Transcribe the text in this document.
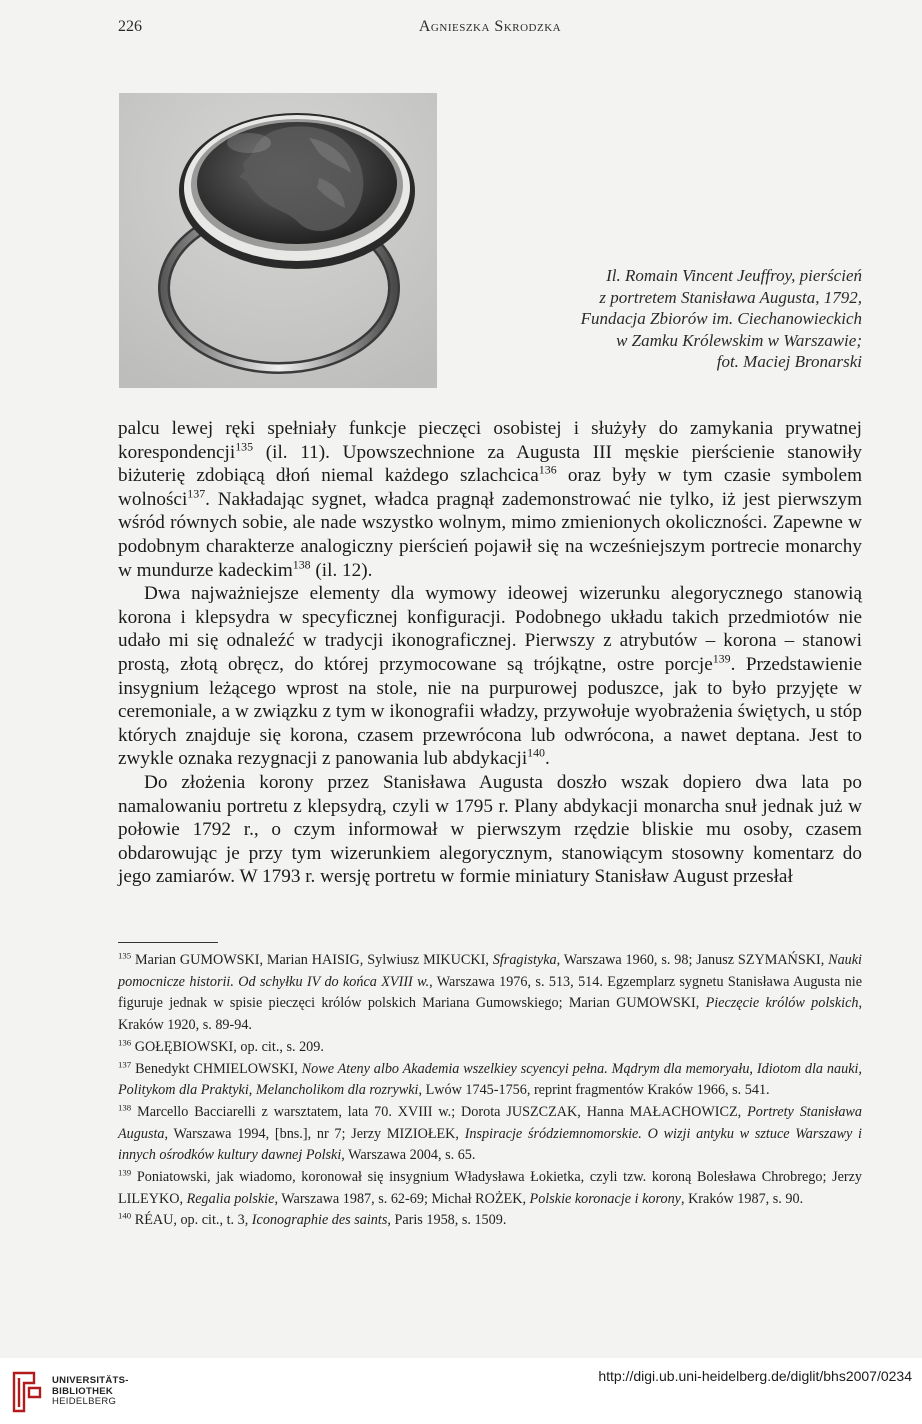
226	Agnieszka Skrodzka
Il. Romain Vincent Jeuffroy, pierścień
z portretem Stanisława Augusta, 1792,
Fundacja Zbiorów im. Ciechanowieckich
w Zamku Królewskim w Warszawie;
fot. Maciej Bronarski

palcu lewej ręki spełniały funkcje pieczęci osobistej i służyły do zamykania prywatnej korespondencji$^{135}$ (il. 11). Upowszechnione za Augusta III męskie pierścienie stanowiły biżuterię zdobiącą dłoń niemal każdego szlachcica$^{136}$ oraz były w tym czasie symbolem wolności$^{137}$. Nakładając sygnet, władca pragnął zademonstrować nie tylko, iż jest pierwszym wśród równych sobie, ale nade wszystko wolnym, mimo zmienionych okoliczności. Zapewne w podobnym charakterze analogiczny pierścień pojawił się na wcześniejszym portrecie monarchy w mundurze kadeckim$^{138}$ (il. 12).

Dwa najważniejsze elementy dla wymowy ideowej wizerunku alegorycznego stanowią korona i klepsydra w specyficznej konfiguracji. Podobnego układu takich przedmiotów nie udało mi się odnaleźć w tradycji ikonograficznej. Pierwszy z atrybutów – korona – stanowi prostą, złotą obręcz, do której przymocowane są trójkątne, ostre porcje$^{139}$. Przedstawienie insygnium leżącego wprost na stole, nie na purpurowej poduszce, jak to było przyjęte w ceremoniale, a w związku z tym w ikonografii władzy, przywołuje wyobrażenia świętych, u stóp których znajduje się korona, czasem przewrócona lub odwrócona, a nawet deptana. Jest to zwykle oznaka rezygnacji z panowania lub abdykacji$^{140}$.

Do złożenia korony przez Stanisława Augusta doszło wszak dopiero dwa lata po namalowaniu portretu z klepsydrą, czyli w 1795 r. Plany abdykacji monarcha snuł jednak już w połowie 1792 r., o czym informował w pierwszym rzędzie bliskie mu osoby, czasem obdarowując je przy tym wizerunkiem alegorycznym, stanowiącym stosowny komentarz do jego zamiarów. W 1793 r. wersję portretu w formie miniatury Stanisław August przesłał

$^{135}$ Marian GUMOWSKI, Marian HAISIG, Sylwiusz MIKUCKI, Sfragistyka, Warszawa 1960, s. 98; Janusz SZYMAŃSKI, Nauki pomocnicze historii. Od schyłku IV do końca XVIII w., Warszawa 1976, s. 513, 514. Egzemplarz sygnetu Stanisława Augusta nie figuruje jednak w spisie pieczęci królów polskich Mariana Gumowskiego; Marian GUMOWSKI, Pieczęcie królów polskich, Kraków 1920, s. 89-94.

$^{136}$ GOŁĘBIOWSKI, op. cit., s. 209.

$^{137}$ Benedykt CHMIELOWSKI, Nowe Ateny albo Akademia wszelkiey scyencyi pełna. Mądrym dla memoryału, Idiotom dla nauki, Politykom dla Praktyki, Melancholikom dla rozrywki, Lwów 1745-1756, reprint fragmentów Kraków 1966, s. 541.

$^{138}$ Marcello Bacciarelli z warsztatem, lata 70. XVIII w.; Dorota JUSZCZAK, Hanna MAŁACHOWICZ, Portrety Stanisława Augusta, Warszawa 1994, [bns.], nr 7; Jerzy MIZIOŁEK, Inspiracje śródziemnomorskie. O wizji antyku w sztuce Warszawy i innych ośrodków kultury dawnej Polski, Warszawa 2004, s. 65.

$^{139}$ Poniatowski, jak wiadomo, koronował się insygnium Władysława Łokietka, czyli tzw. koroną Bolesława Chrobrego; Jerzy LILEYKO, Regalia polskie, Warszawa 1987, s. 62-69; Michał ROŻEK, Polskie koronacje i korony, Kraków 1987, s. 90.

$^{140}$ RÉAU, op. cit., t. 3, Iconographie des saints, Paris 1958, s. 1509.

UNIVERSITÄTS-
BIBLIOTHEK
HEIDELBERG
http://digi.ub.uni-heidelberg.de/diglit/bhs2007/0234
